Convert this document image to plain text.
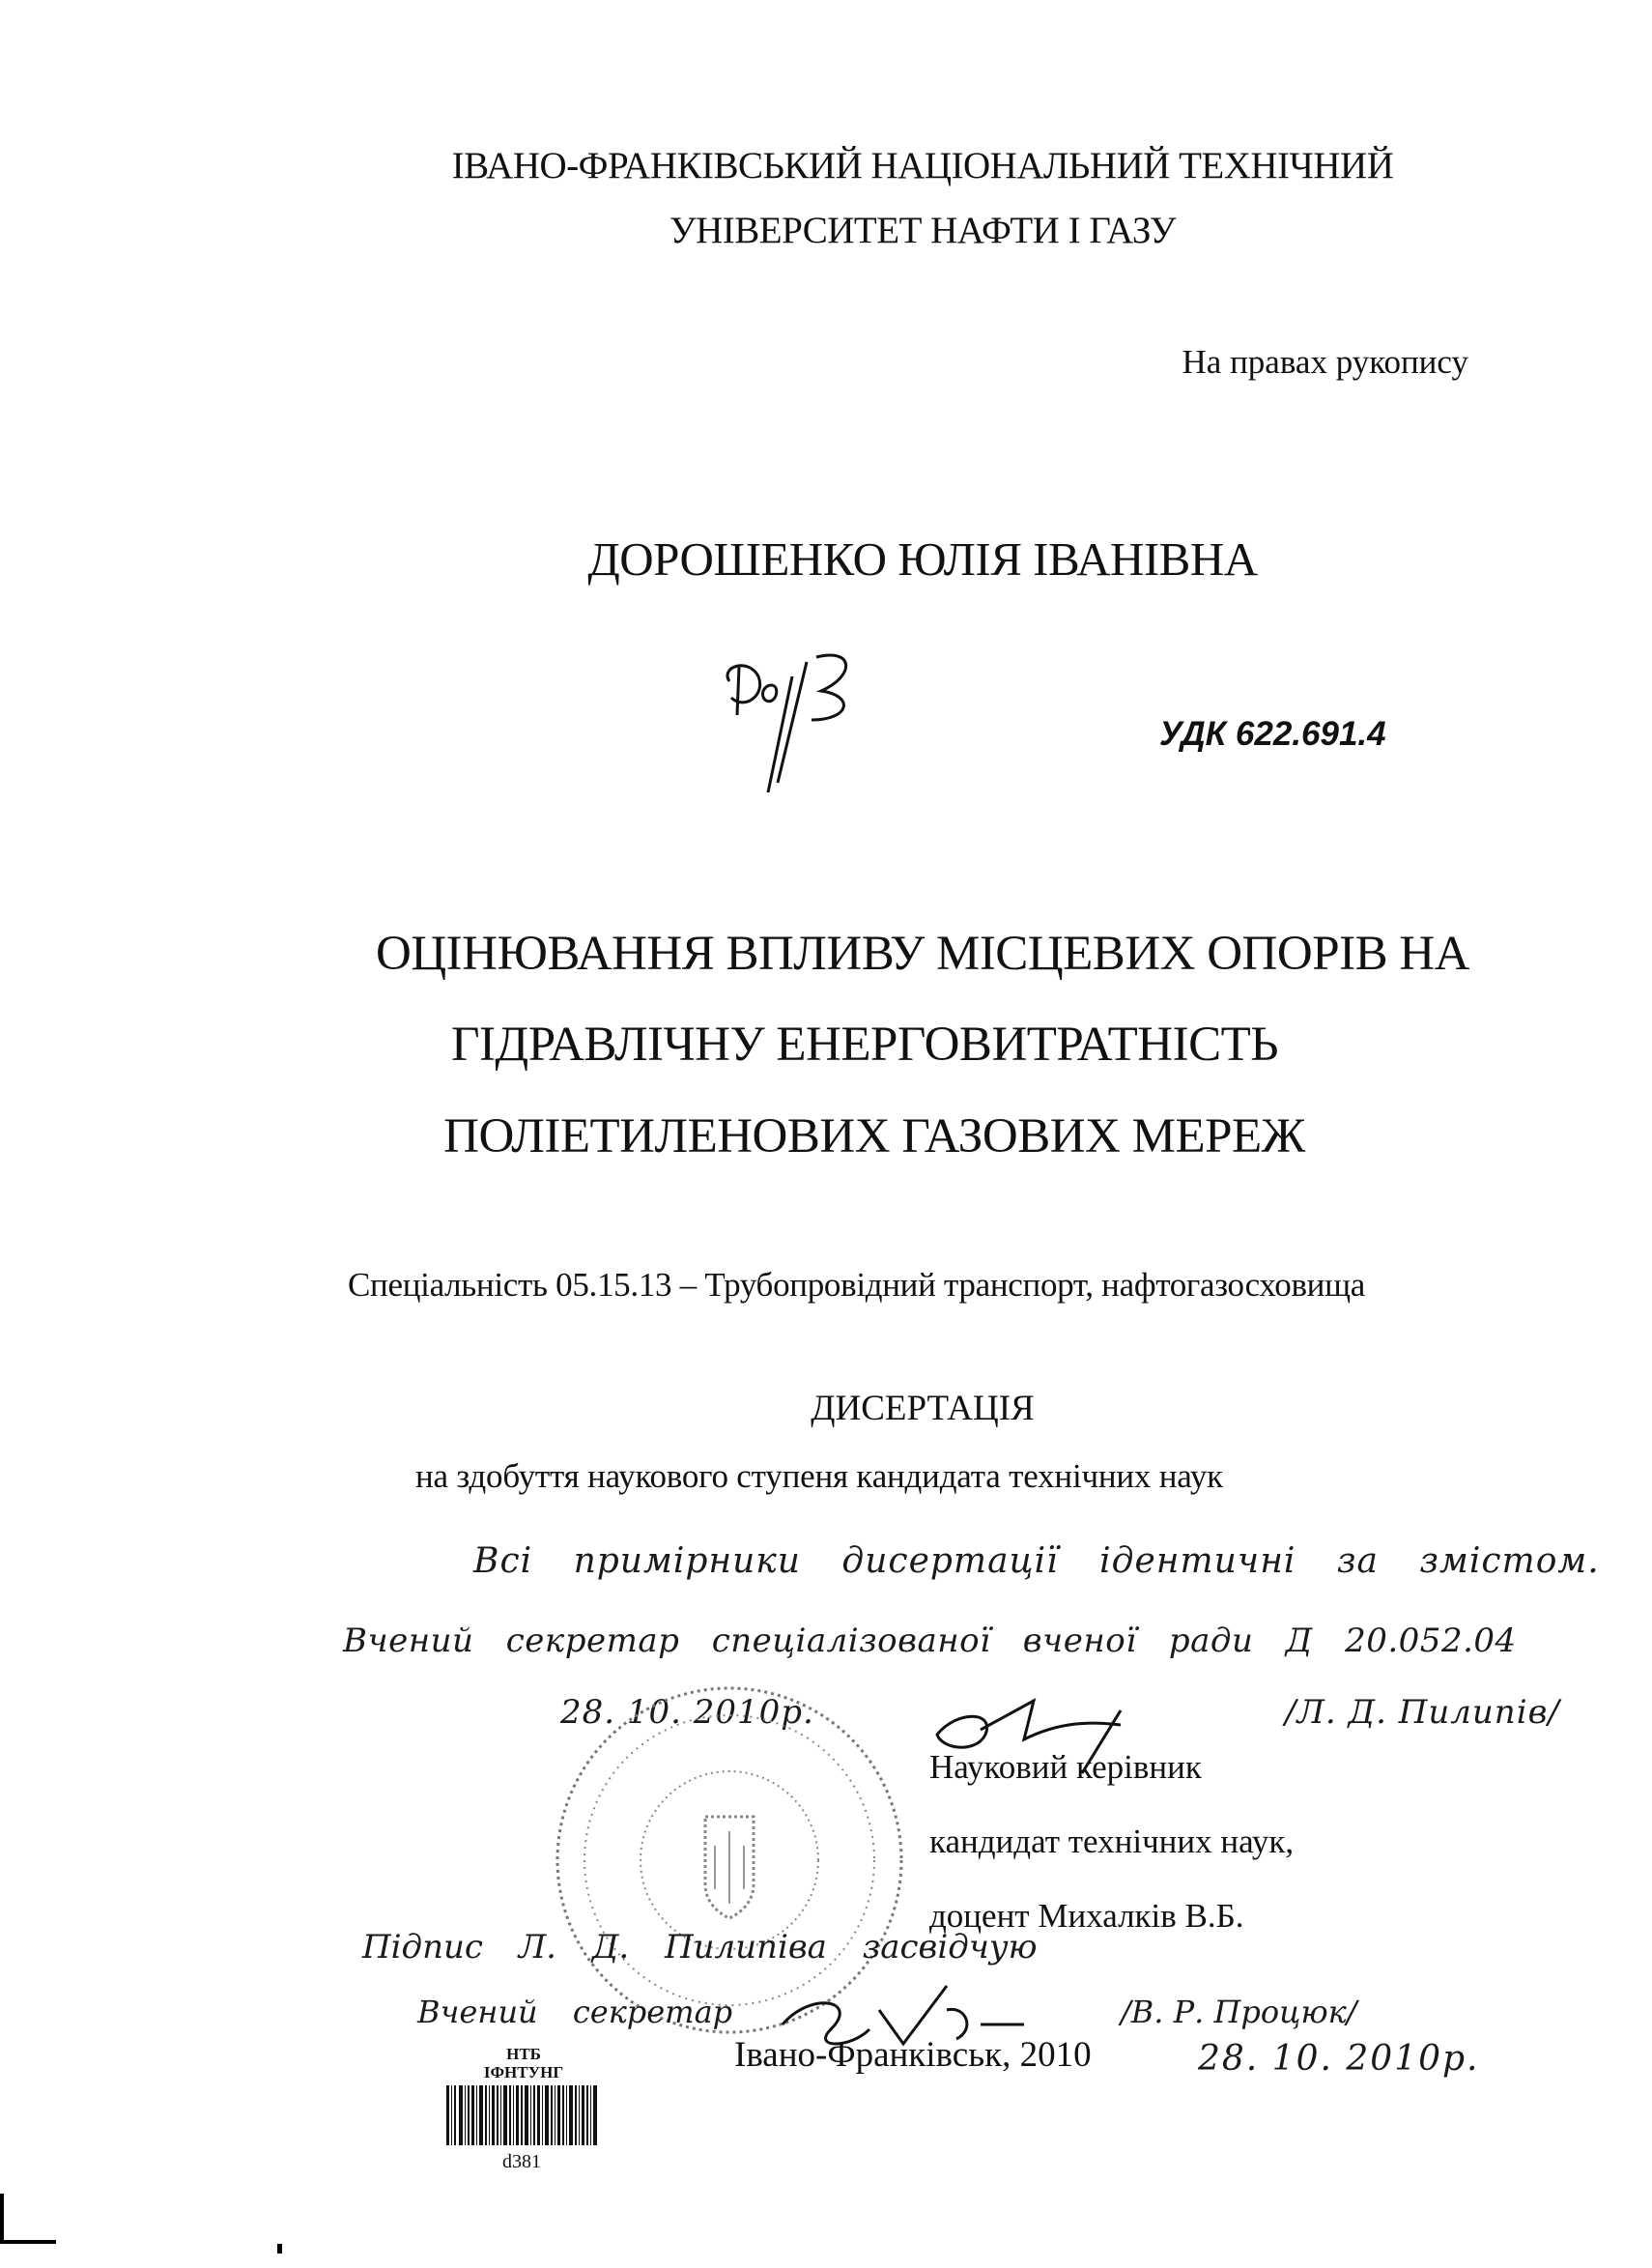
ІВАНО-ФРАНКІВСЬКИЙ НАЦІОНАЛЬНИЙ ТЕХНІЧНИЙ
УНІВЕРСИТЕТ НАФТИ І ГАЗУ
На правах рукопису
ДОРОШЕНКО ЮЛІЯ ІВАНІВНА
УДК 622.691.4
ОЦІНЮВАННЯ ВПЛИВУ МІСЦЕВИХ ОПОРІВ НА
ГІДРАВЛІЧНУ ЕНЕРГОВИТРАТНІСТЬ
ПОЛІЕТИЛЕНОВИХ ГАЗОВИХ МЕРЕЖ
Спеціальність 05.15.13 – Трубопровідний транспорт, нафтогазосховища
ДИСЕРТАЦІЯ
на здобуття наукового ступеня кандидата технічних наук
Всі примірники дисертації ідентичні за змістом.
Вчений секретар спеціалізованої вченої ради Д 20.052.04
28. 10. 2010р.	/Л. Д. Пилипів/
Науковий керівник
кандидат технічних наук,
доцент Михалків В.Б.
Підпис Л. Д. Пилипіва засвідчую
Вчений секретар	/В. Р. Процюк/
28. 10. 2010р.
НТБ
ІФНТУНГ
d381
Івано-Франківськ, 2010
